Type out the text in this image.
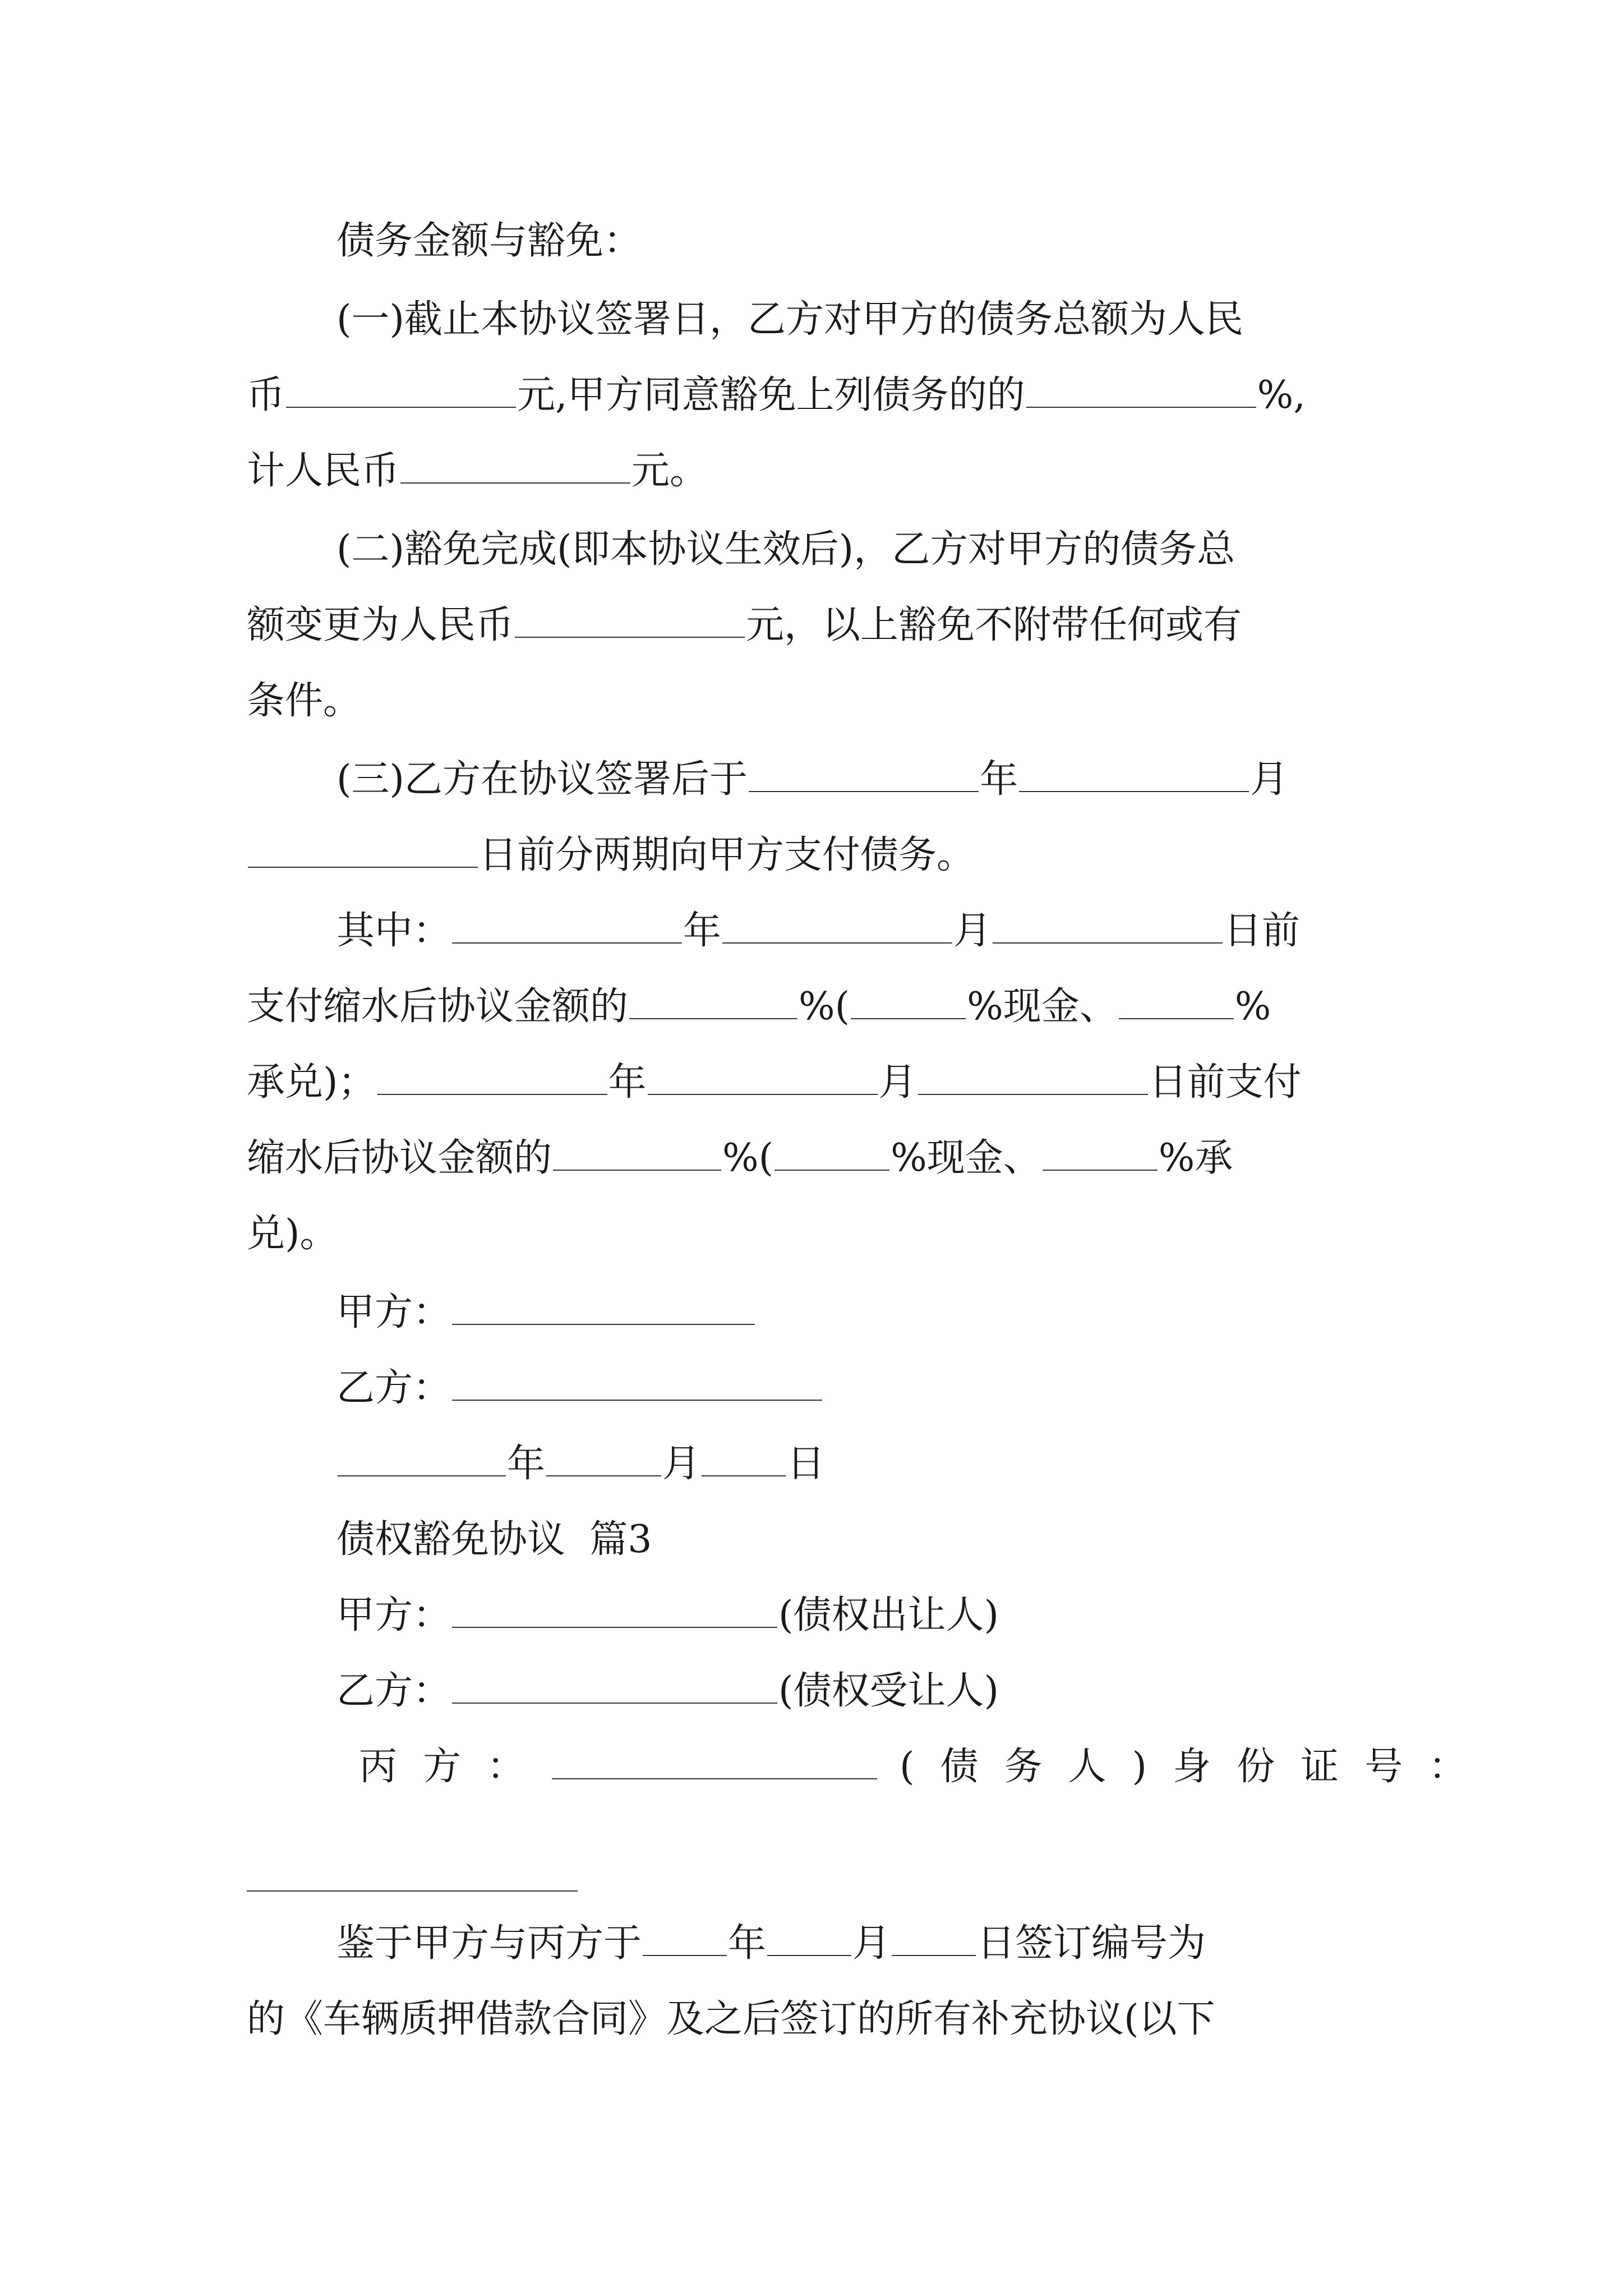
债务金额与豁免：
(一)截止本协议签署日，乙方对甲方的债务总额为人民
币	元,甲方同意豁免上列债务的的	%,
计人民币	元。
(二)豁免完成(即本协议生效后)，乙方对甲方的债务总
额变更为人民币	元，以上豁免不附带任何或有
条件。
(三)乙方在协议签署后于	年	月
日前分两期向甲方支付债务。
其中：	年	月	日前
支付缩水后协议金额的	%(	%现金、	%
承兑)；	年	月	日前支付
缩水后协议金额的	%(	%现金、	%承
兑)。
甲方：
乙方：
年	月 日
债权豁免协议  篇3
甲方：	(债权出让人)
乙方：	(债权受让人)
丙方：	(债务人)身份证号：
鉴于甲方与丙方于 年 月 日签订编号为
的《车辆质押借款合同》及之后签订的所有补充协议(以下
